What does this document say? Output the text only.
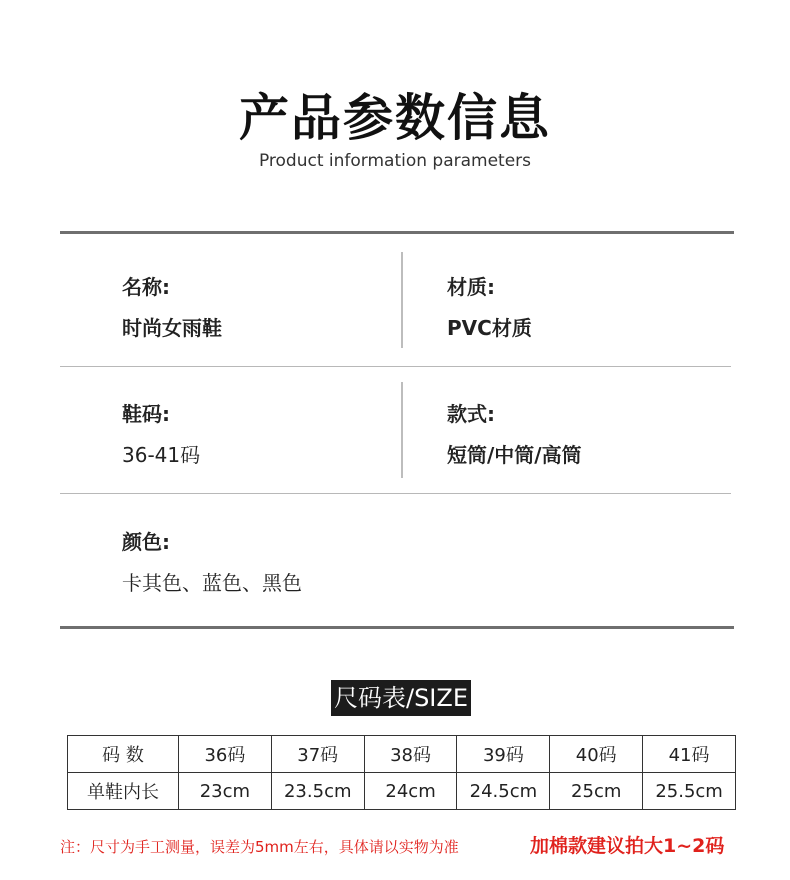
产品参数信息
Product information parameters
名称:
时尚女雨鞋
材质:
PVC材质
鞋码:
36-41码
款式:
短筒/中筒/高筒
颜色:
卡其色、蓝色、黑色
尺码表/SIZE
码 数	36码	37码	38码	39码	40码	41码
单鞋内长	23cm	23.5cm	24cm	24.5cm	25cm	25.5cm
注：尺寸为手工测量，误差为5mm左右，具体请以实物为准	加棉款建议拍大1~2码
